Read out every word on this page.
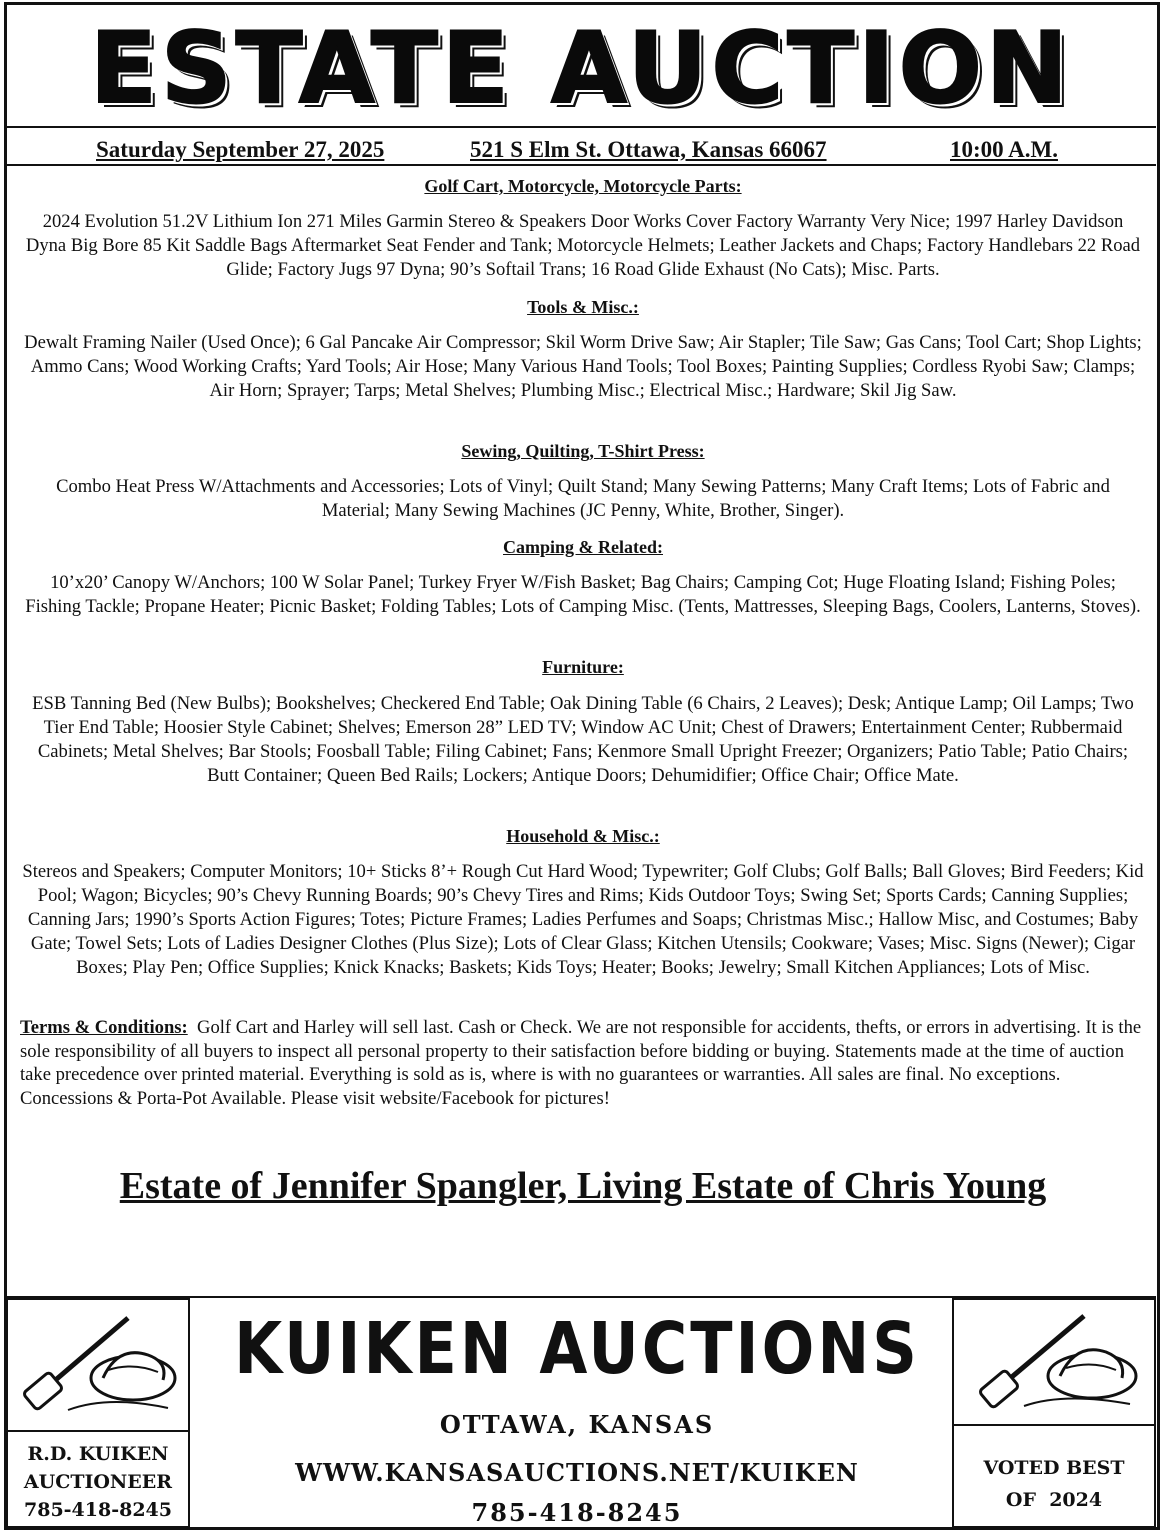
ESTATE AUCTION
Saturday September 27, 2025	521 S Elm St. Ottawa, Kansas 66067	10:00 A.M.
Golf Cart, Motorcycle, Motorcycle Parts:
2024 Evolution 51.2V Lithium Ion 271 Miles Garmin Stereo & Speakers Door Works Cover Factory Warranty Very Nice; 1997 Harley Davidson Dyna Big Bore 85 Kit Saddle Bags Aftermarket Seat Fender and Tank; Motorcycle Helmets; Leather Jackets and Chaps; Factory Handlebars 22 Road Glide; Factory Jugs 97 Dyna; 90’s Softail Trans; 16 Road Glide Exhaust (No Cats); Misc. Parts.
Tools & Misc.:
Dewalt Framing Nailer (Used Once); 6 Gal Pancake Air Compressor; Skil Worm Drive Saw; Air Stapler; Tile Saw; Gas Cans; Tool Cart; Shop Lights; Ammo Cans; Wood Working Crafts; Yard Tools; Air Hose; Many Various Hand Tools; Tool Boxes; Painting Supplies; Cordless Ryobi Saw; Clamps; Air Horn; Sprayer; Tarps; Metal Shelves; Plumbing Misc.; Electrical Misc.; Hardware; Skil Jig Saw.
Sewing, Quilting, T-Shirt Press:
Combo Heat Press W/Attachments and Accessories; Lots of Vinyl; Quilt Stand; Many Sewing Patterns; Many Craft Items; Lots of Fabric and Material; Many Sewing Machines (JC Penny, White, Brother, Singer).
Camping & Related:
10’x20’ Canopy W/Anchors; 100 W Solar Panel; Turkey Fryer W/Fish Basket; Bag Chairs; Camping Cot; Huge Floating Island; Fishing Poles; Fishing Tackle; Propane Heater; Picnic Basket; Folding Tables; Lots of Camping Misc. (Tents, Mattresses, Sleeping Bags, Coolers, Lanterns, Stoves).
Furniture:
ESB Tanning Bed (New Bulbs); Bookshelves; Checkered End Table; Oak Dining Table (6 Chairs, 2 Leaves); Desk; Antique Lamp; Oil Lamps; Two Tier End Table; Hoosier Style Cabinet; Shelves; Emerson 28” LED TV; Window AC Unit; Chest of Drawers; Entertainment Center; Rubbermaid Cabinets; Metal Shelves; Bar Stools; Foosball Table; Filing Cabinet; Fans; Kenmore Small Upright Freezer; Organizers; Patio Table; Patio Chairs; Butt Container; Queen Bed Rails; Lockers; Antique Doors; Dehumidifier; Office Chair; Office Mate.
Household & Misc.:
Stereos and Speakers; Computer Monitors; 10+ Sticks 8’+ Rough Cut Hard Wood; Typewriter; Golf Clubs; Golf Balls; Ball Gloves; Bird Feeders; Kid Pool; Wagon; Bicycles; 90’s Chevy Running Boards; 90’s Chevy Tires and Rims; Kids Outdoor Toys; Swing Set; Sports Cards; Canning Supplies; Canning Jars; 1990’s Sports Action Figures; Totes; Picture Frames; Ladies Perfumes and Soaps; Christmas Misc.; Hallow Misc, and Costumes; Baby Gate; Towel Sets; Lots of Ladies Designer Clothes (Plus Size); Lots of Clear Glass; Kitchen Utensils; Cookware; Vases; Misc. Signs (Newer); Cigar Boxes; Play Pen; Office Supplies; Knick Knacks; Baskets; Kids Toys; Heater; Books; Jewelry; Small Kitchen Appliances; Lots of Misc.
Terms & Conditions: Golf Cart and Harley will sell last. Cash or Check. We are not responsible for accidents, thefts, or errors in advertising. It is the sole responsibility of all buyers to inspect all personal property to their satisfaction before bidding or buying. Statements made at the time of auction take precedence over printed material. Everything is sold as is, where is with no guarantees or warranties. All sales are final. No exceptions. Concessions & Porta-Pot Available. Please visit website/Facebook for pictures!
Estate of Jennifer Spangler, Living Estate of Chris Young
R.D. KUIKEN
AUCTIONEER
785-418-8245
KUIKEN AUCTIONS
OTTAWA, KANSAS
WWW.KANSASAUCTIONS.NET/KUIKEN
785-418-8245
VOTED BEST
OF  2024
